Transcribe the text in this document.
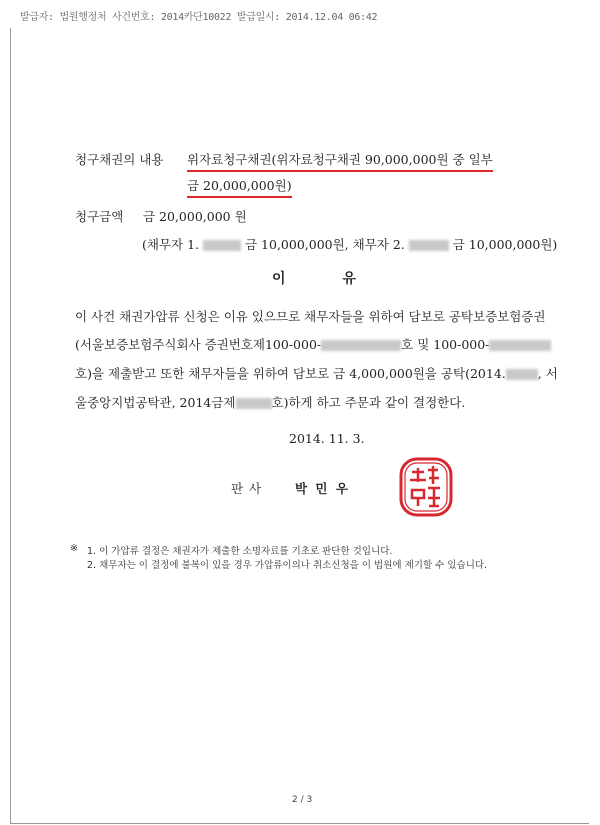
발급자: 법원행정처 사건번호: 2014카단10022 발급일시: 2014.12.04 06:42
청구채권의 내용 위자료청구채권(위자료청구채권 90,000,000원 중 일부
금 20,000,000원)
청구금액 금 20,000,000 원
(채무자 1.	금 10,000,000원, 채무자 2.	금 10,000,000원)
이 유
이 사건 채권가압류 신청은 이유 있으므로 채무자들을 위하여 담보로 공탁보증보험증권
(서울보증보험주식회사 증권번호제100-000-	호 및 100-000-
호)을 제출받고 또한 채무자들을 위하여 담보로 금 4,000,000원을 공탁(2014.	, 서
울중앙지법공탁관, 2014금제	호)하게 하고 주문과 같이 결정한다.
2014. 11. 3.
판 사	박 민 우
※ 1. 이 가압류 결정은 채권자가 제출한 소명자료를 기초로 판단한 것입니다.
2. 채무자는 이 결정에 불복이 있을 경우 가압류이의나 취소신청을 이 법원에 제기할 수 있습니다.
2 / 3
